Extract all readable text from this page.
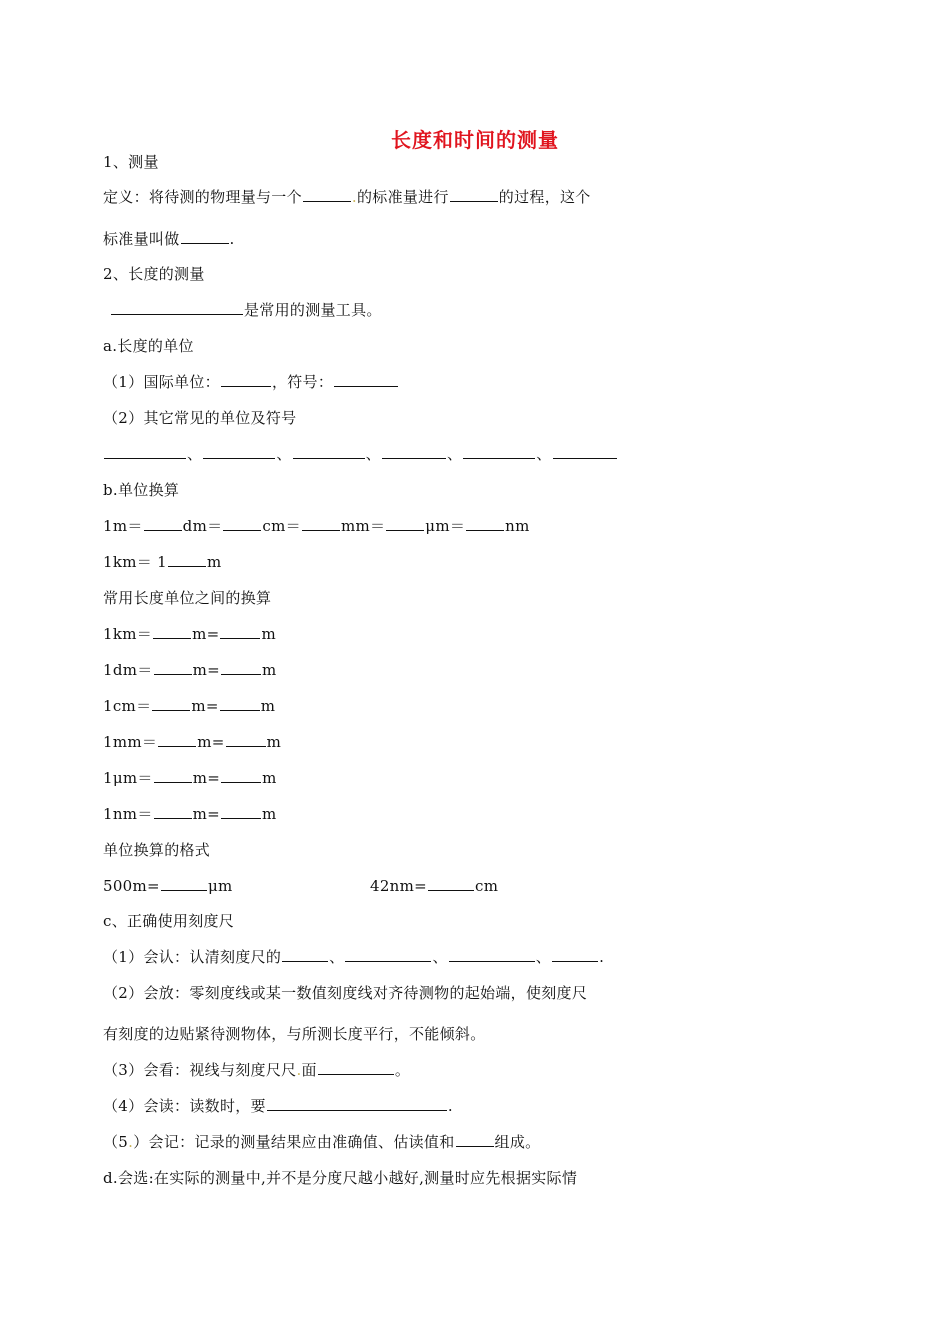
长度和时间的测量
1、测量
定义：将待测的物理量与一个	.的标准量进行	的过程，这个
标准量叫做	.
2、长度的测量
是常用的测量工具。
a.长度的单位
（1）国际单位：	，符号：
（2）其它常见的单位及符号
、	、	、	、	、
b.单位换算
1m＝	dm＝	cm＝	mm＝	μm＝	nm
1km＝ 1	m
常用长度单位之间的换算
1km＝	m=	m
1dm＝	m=	m
1cm＝	m=	m
1mm＝	m=	m
1μm＝	m=	m
1nm＝	m=	m
单位换算的格式
500m=	μm	42nm=	cm
c、正确使用刻度尺
（1）会认：认清刻度尺的	、	、	、	.
（2）会放：零刻度线或某一数值刻度线对齐待测物的起始端，使刻度尺
有刻度的边贴紧待测物体，与所测长度平行，不能倾斜。
（3）会看：视线与刻度尺尺.面	。
（4）会读：读数时，要	.
（5.）会记：记录的测量结果应由准确值、估读值和	组成。
d.会选:在实际的测量中,并不是分度尺越小越好,测量时应先根据实际情
